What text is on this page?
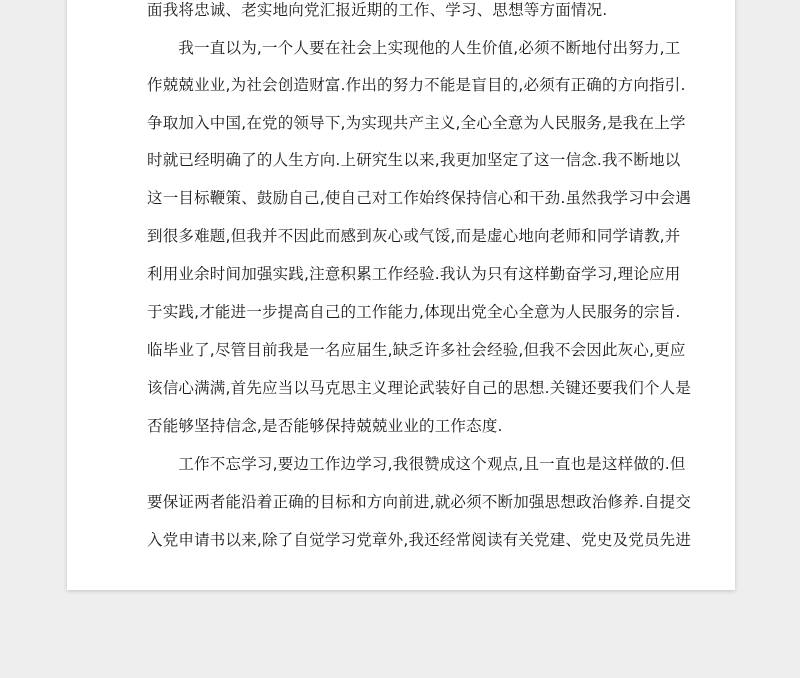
面我将忠诚、老实地向党汇报近期的工作、学习、思想等方面情况.
　　我一直以为,一个人要在社会上实现他的人生价值,必须不断地付出努力,工
作兢兢业业,为社会创造财富.作出的努力不能是盲目的,必须有正确的方向指引.
争取加入中国,在党的领导下,为实现共产主义,全心全意为人民服务,是我在上学
时就已经明确了的人生方向.上研究生以来,我更加坚定了这一信念.我不断地以
这一目标鞭策、鼓励自己,使自己对工作始终保持信心和干劲.虽然我学习中会遇
到很多难题,但我并不因此而感到灰心或气馁,而是虚心地向老师和同学请教,并
利用业余时间加强实践,注意积累工作经验.我认为只有这样勤奋学习,理论应用
于实践,才能进一步提高自己的工作能力,体现出党全心全意为人民服务的宗旨.
临毕业了,尽管目前我是一名应届生,缺乏许多社会经验,但我不会因此灰心,更应
该信心满满,首先应当以马克思主义理论武装好自己的思想.关键还要我们个人是
否能够坚持信念,是否能够保持兢兢业业的工作态度.
　　工作不忘学习,要边工作边学习,我很赞成这个观点,且一直也是这样做的.但
要保证两者能沿着正确的目标和方向前进,就必须不断加强思想政治修养.自提交
入党申请书以来,除了自觉学习党章外,我还经常阅读有关党建、党史及党员先进
